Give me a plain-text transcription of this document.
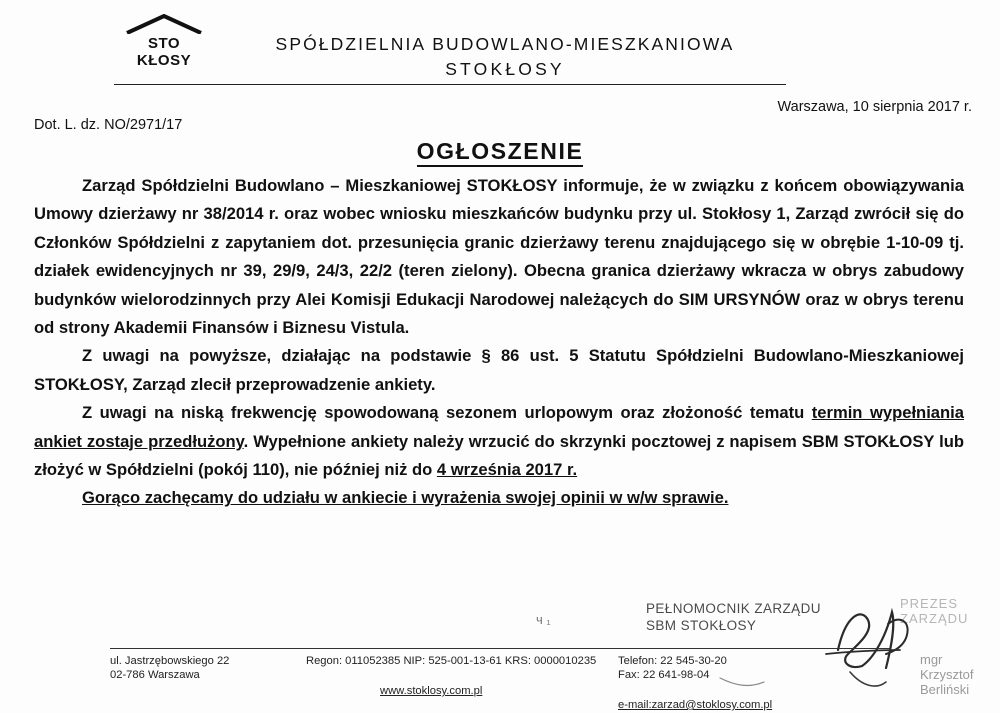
STO
KŁOSY
SPÓŁDZIELNIA BUDOWLANO-MIESZKANIOWA
STOKŁOSY
Warszawa, 10 sierpnia 2017 r.
Dot. L. dz. NO/2971/17
OGŁOSZENIE

Zarząd Spółdzielni Budowlano – Mieszkaniowej STOKŁOSY informuje, że w związku z końcem obowiązywania Umowy dzierżawy nr 38/2014 r. oraz wobec wniosku mieszkańców budynku przy ul. Stokłosy 1, Zarząd zwrócił się do Członków Spółdzielni z zapytaniem dot. przesunięcia granic dzierżawy terenu znajdującego się w obrębie 1-10-09 tj. działek ewidencyjnych nr 39, 29/9, 24/3, 22/2 (teren zielony). Obecna granica dzierżawy wkracza w obrys zabudowy budynków wielorodzinnych przy Alei Komisji Edukacji Narodowej należących do SIM URSYNÓW oraz w obrys terenu od strony Akademii Finansów i Biznesu Vistula.

Z uwagi na powyższe, działając na podstawie § 86 ust. 5 Statutu Spółdzielni Budowlano-Mieszkaniowej STOKŁOSY, Zarząd zlecił przeprowadzenie ankiety.

Z uwagi na niską frekwencję spowodowaną sezonem urlopowym oraz złożoność tematu termin wypełniania ankiet zostaje przedłużony. Wypełnione ankiety należy wrzucić do skrzynki pocztowej z napisem SBM STOKŁOSY lub złożyć w Spółdzielni (pokój 110), nie później niż do 4 września 2017 r.

Gorąco zachęcamy do udziału w ankiecie i wyrażenia swojej opinii w w/w sprawie.

ч ₁
PEŁNOMOCNIK ZARZĄDU
SBM STOKŁOSY
PREZES ZARZĄDU
mgr Krzysztof Berliński
ul. Jastrzębowskiego 22
02-786 Warszawa
Regon: 011052385 NIP: 525-001-13-61 KRS: 0000010235
www.stoklosy.com.pl
Telefon: 22 545-30-20
Fax: 22 641-98-04
e-mail:zarzad@stoklosy.com.pl
